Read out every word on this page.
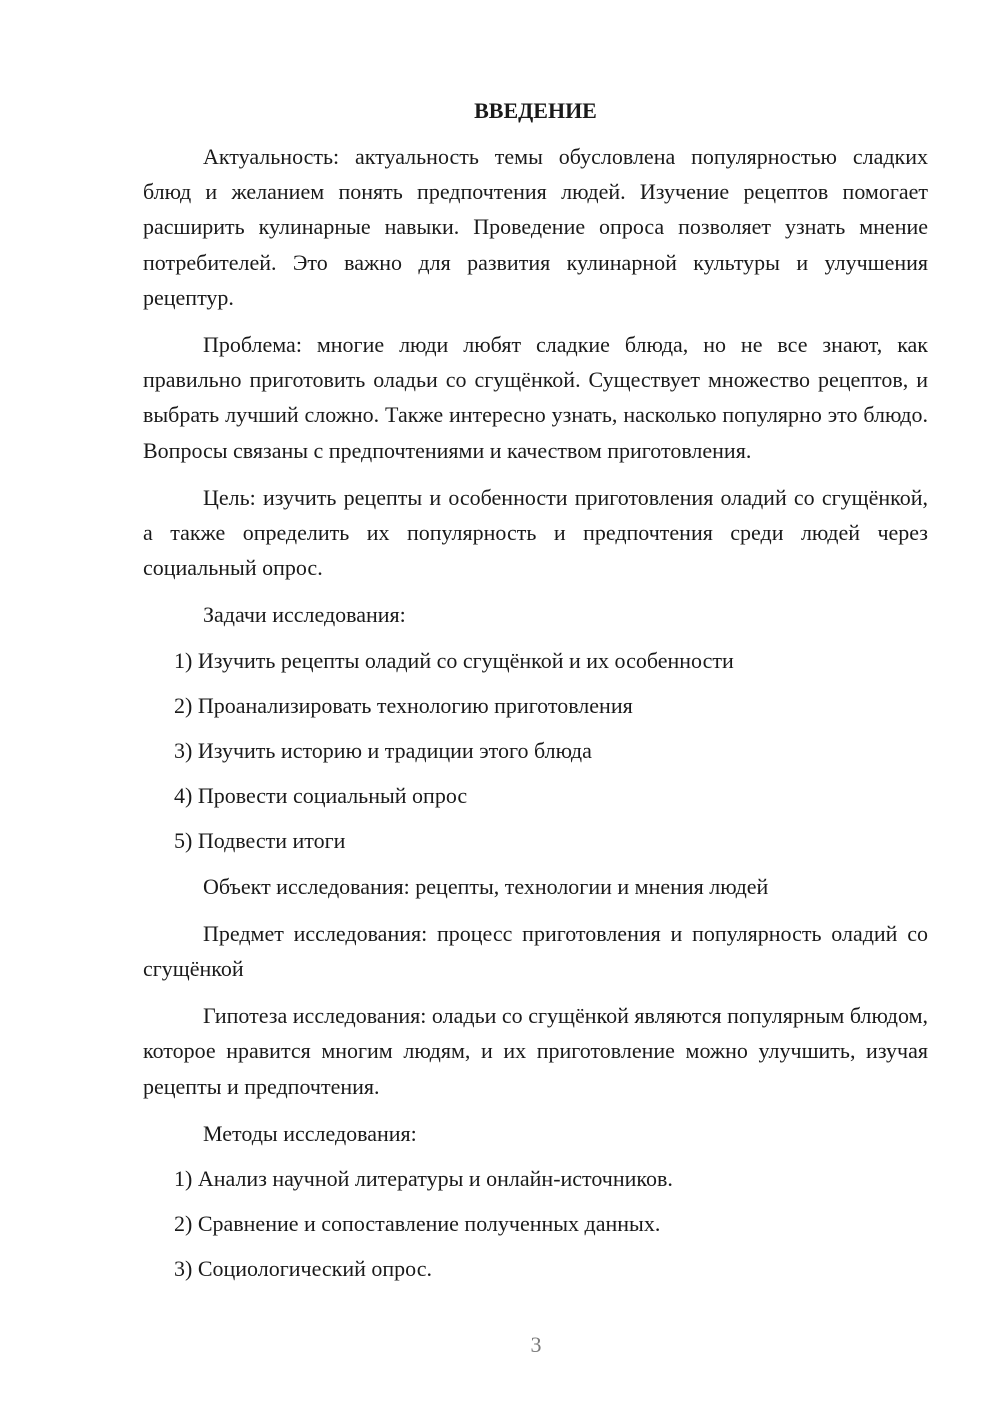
ВВЕДЕНИЕ

Актуальность: актуальность темы обусловлена популярностью сладких блюд и желанием понять предпочтения людей. Изучение рецептов помогает расширить кулинарные навыки. Проведение опроса позволяет узнать мнение потребителей. Это важно для развития кулинарной культуры и улучшения рецептур.

Проблема: многие люди любят сладкие блюда, но не все знают, как правильно приготовить оладьи со сгущёнкой. Существует множество рецептов, и выбрать лучший сложно. Также интересно узнать, насколько популярно это блюдо. Вопросы связаны с предпочтениями и качеством приготовления.

Цель: изучить рецепты и особенности приготовления оладий со сгущёнкой, а также определить их популярность и предпочтения среди людей через социальный опрос.

Задачи исследования:

1) Изучить рецепты оладий со сгущёнкой и их особенности
2) Проанализировать технологию приготовления
3) Изучить историю и традиции этого блюда
4) Провести социальный опрос
5) Подвести итоги

Объект исследования: рецепты, технологии и мнения людей

Предмет исследования: процесс приготовления и популярность оладий со сгущёнкой

Гипотеза исследования: оладьи со сгущёнкой являются популярным блюдом, которое нравится многим людям, и их приготовление можно улучшить, изучая рецепты и предпочтения.

Методы исследования:

1) Анализ научной литературы и онлайн-источников.
2) Сравнение и сопоставление полученных данных.
3) Социологический опрос.
3
